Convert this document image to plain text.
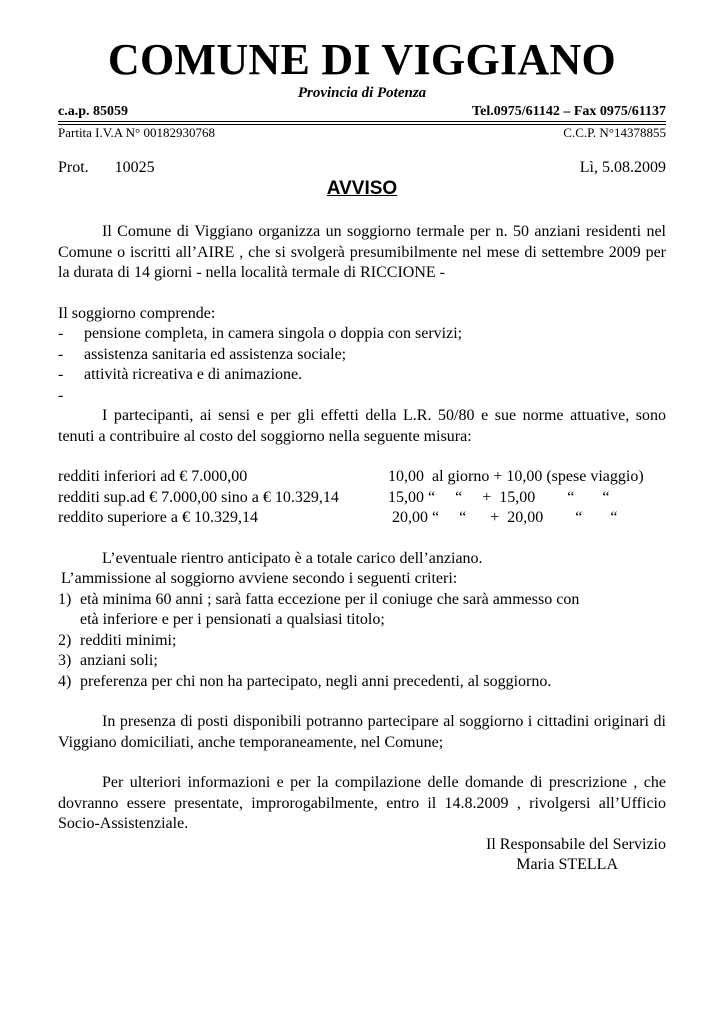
COMUNE DI VIGGIANO
Provincia di Potenza
c.a.p. 85059	Tel.0975/61142 – Fax 0975/61137
Partita I.V.A N° 00182930768	C.C.P. N°14378855
Prot. 10025	Lì, 5.08.2009
AVVISO

Il Comune di Viggiano organizza un soggiorno termale per n. 50 anziani residenti nel Comune o iscritti all’AIRE , che si svolgerà presumibilmente nel mese di settembre 2009 per la durata di 14 giorni - nella località termale di RICCIONE -

Il soggiorno comprende:

-	pensione completa, in camera singola o doppia con servizi;
-	assistenza sanitaria ed assistenza sociale;
-	attività ricreativa e di animazione.
-

I partecipanti, ai sensi e per gli effetti della L.R. 50/80 e sue norme attuative, sono tenuti a contribuire al costo del soggiorno nella seguente misura:

redditi inferiori ad € 7.000,00	10,00  al giorno + 10,00 (spese viaggio)
redditi sup.ad € 7.000,00 sino a € 10.329,14	15,00 “     “     +  15,00        “       “
reddito superiore a € 10.329,14	20,00 “     “      +  20,00        “       “

L’eventuale rientro anticipato è a totale carico dell’anziano.

L’ammissione al soggiorno avviene secondo i seguenti criteri:

1) età minima 60 anni ; sarà fatta eccezione per il coniuge che sarà ammesso con
età inferiore e per i pensionati a qualsiasi titolo;
2) redditi minimi;
3) anziani soli;
4) preferenza per chi non ha partecipato, negli anni precedenti, al soggiorno.

In presenza di posti disponibili potranno partecipare al soggiorno i cittadini originari di Viggiano domiciliati, anche temporaneamente, nel Comune;

Per ulteriori informazioni e per la compilazione delle domande di prescrizione , che dovranno essere presentate, improrogabilmente, entro il 14.8.2009 , rivolgersi all’Ufficio Socio-Assistenziale.

Il Responsabile del Servizio

Maria STELLA
